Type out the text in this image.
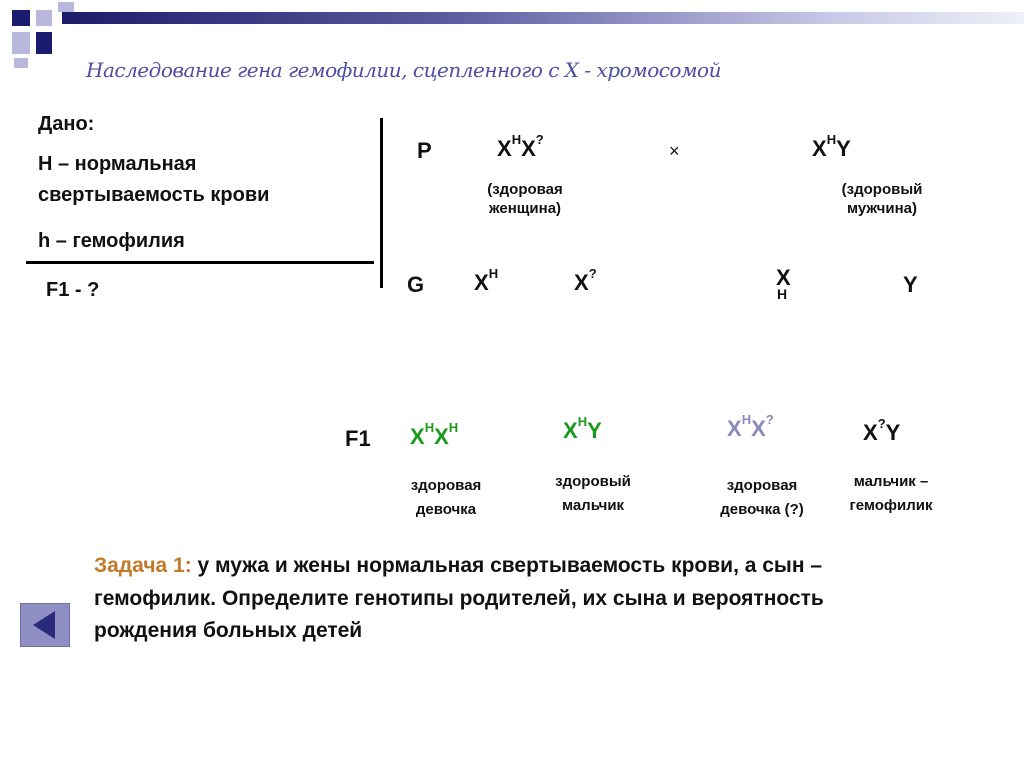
Наследование гена гемофилии, сцепленного с Х - хромосомой
Дано:
Н – нормальная
свертываемость крови
h – гемофилия
F1 - ?
Р	$Х^НХ^?$
×	$Х^НY$
(здоровая
женщина)
(здоровый
мужчина)
G $Х^Н$	Х?	Х
Н	Y
F1 $Х^НХ^Н$	$Х^НY$	$Х^НХ^?$
Х?Y
здоровая
девочка
здоровый
мальчик
здоровая
девочка (?)
мальчик –
гемофилик
Задача 1: у мужа и жены нормальная свертываемость крови, а сын – гемофилик. Определите генотипы родителей, их сына и вероятность рождения больных детей
